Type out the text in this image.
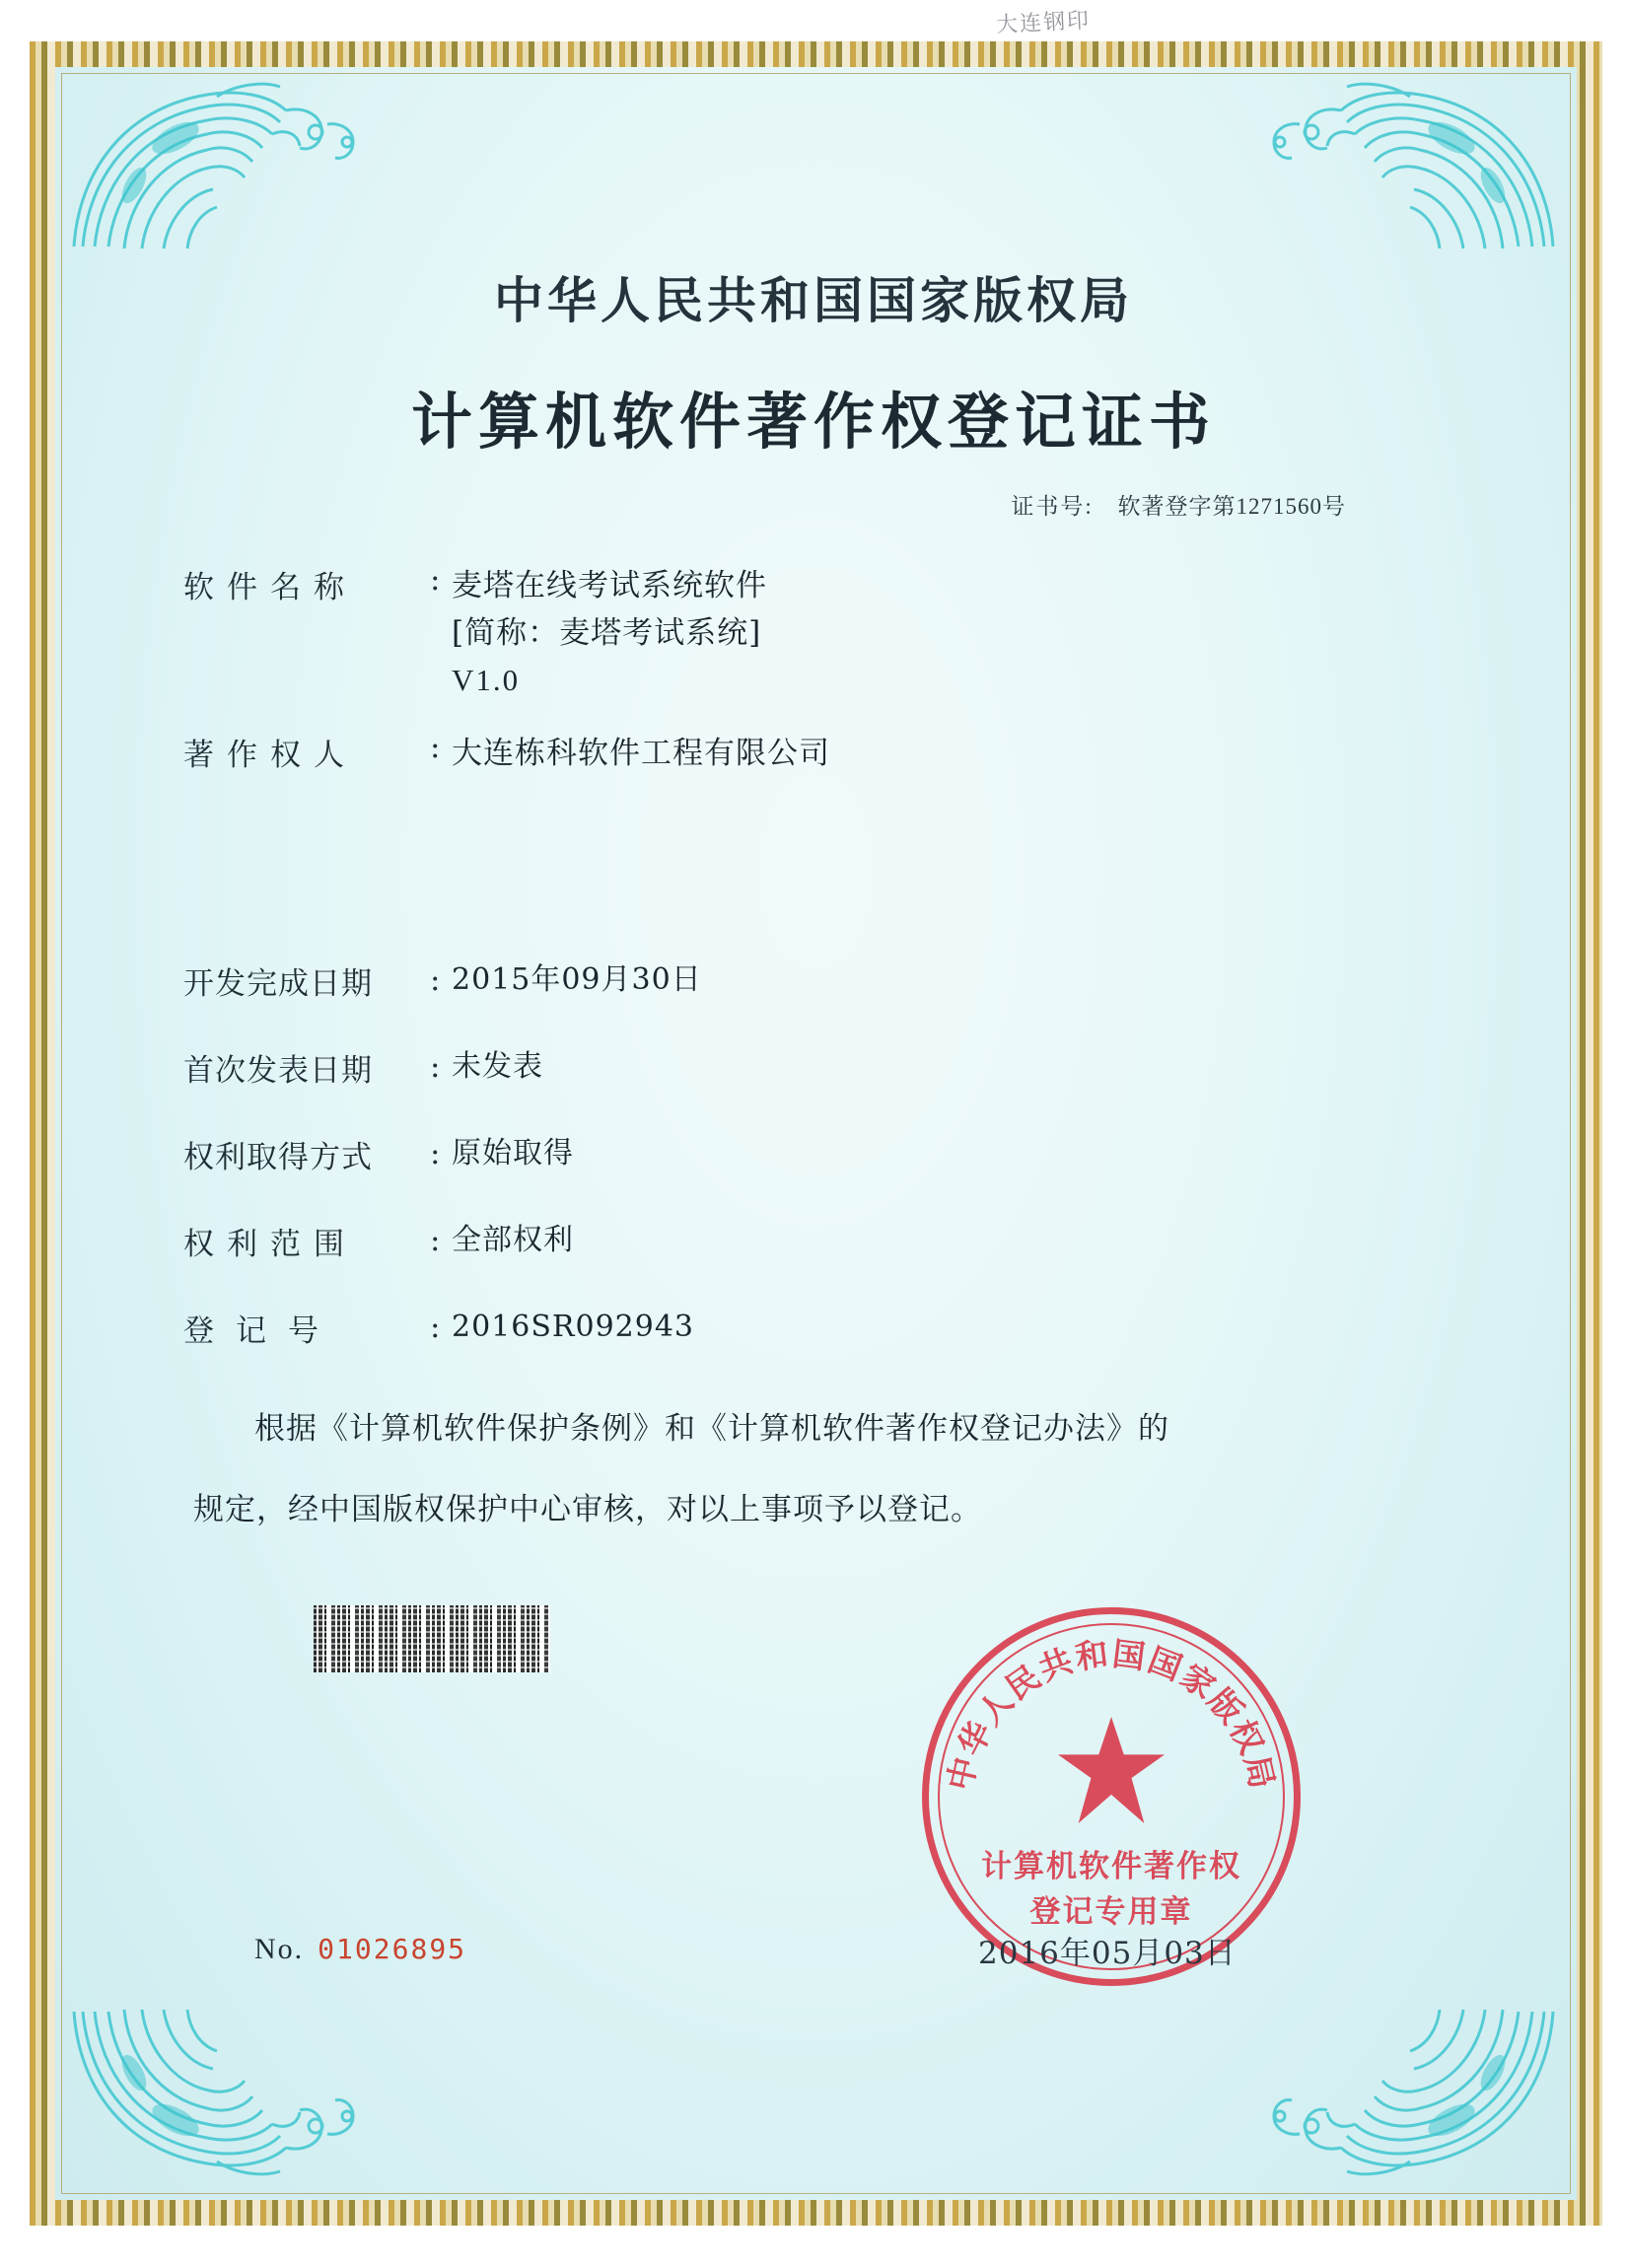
大连钢印
中华人民共和国国家版权局
计算机软件著作权登记证书
证书号: 软著登字第1271560号
软件名称	: 麦塔在线考试系统软件
[简称：麦塔考试系统]
V1.0
著作权人	: 大连栋科软件工程有限公司
开发完成日期	: 2015年09月30日
首次发表日期	: 未发表
权利取得方式	: 原始取得
权利范围	: 全部权利
登记号	: 2016SR092943
根据《计算机软件保护条例》和《计算机软件著作权登记办法》的
规定，经中国版权保护中心审核，对以上事项予以登记。
中华人民共和国国家版权局
计算机软件著作权
登记专用章
2016年05月03日
No. 01026895
